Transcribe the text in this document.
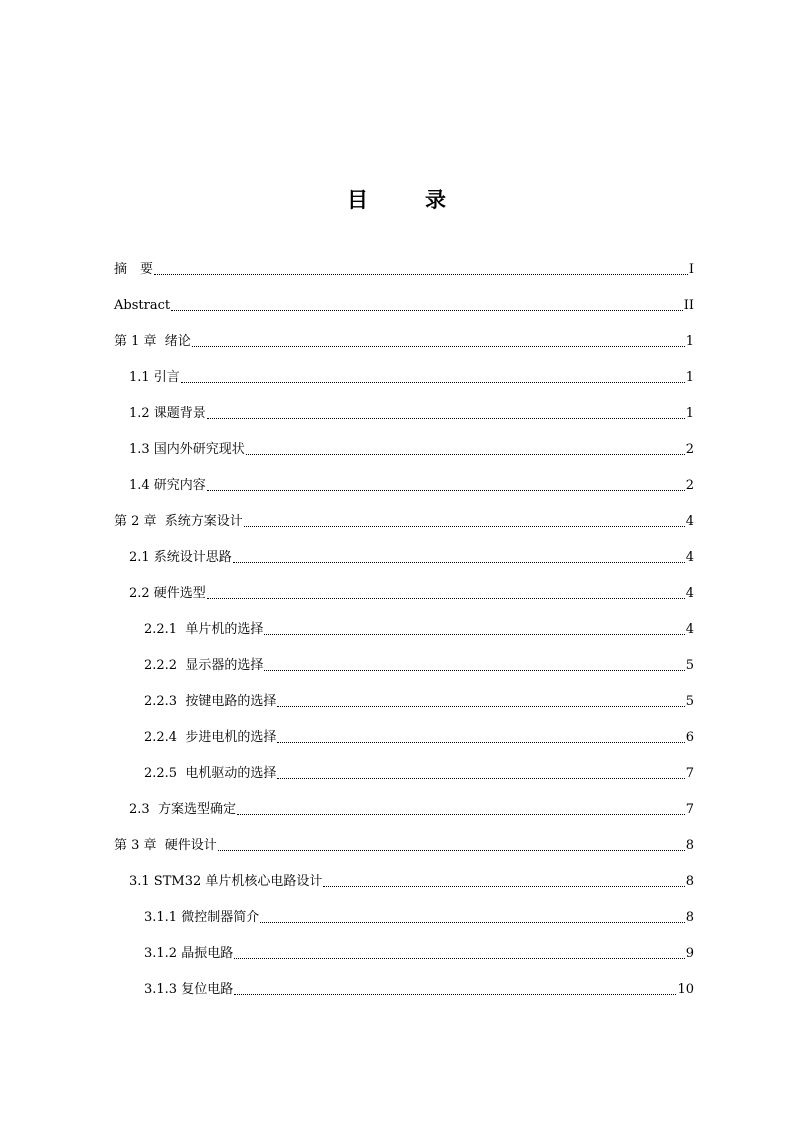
目　录
摘　要	I
Abstract	II
第 1 章  绪论	1
1.1 引言	1
1.2 课题背景	1
1.3 国内外研究现状	2
1.4 研究内容	2
第 2 章  系统方案设计	4
2.1 系统设计思路	4
2.2 硬件选型	4
2.2.1  单片机的选择	4
2.2.2  显示器的选择	5
2.2.3  按键电路的选择	5
2.2.4  步进电机的选择	6
2.2.5  电机驱动的选择	7
2.3  方案选型确定	7
第 3 章  硬件设计	8
3.1 STM32 单片机核心电路设计	8
3.1.1 微控制器简介	8
3.1.2 晶振电路	9
3.1.3 复位电路	10
